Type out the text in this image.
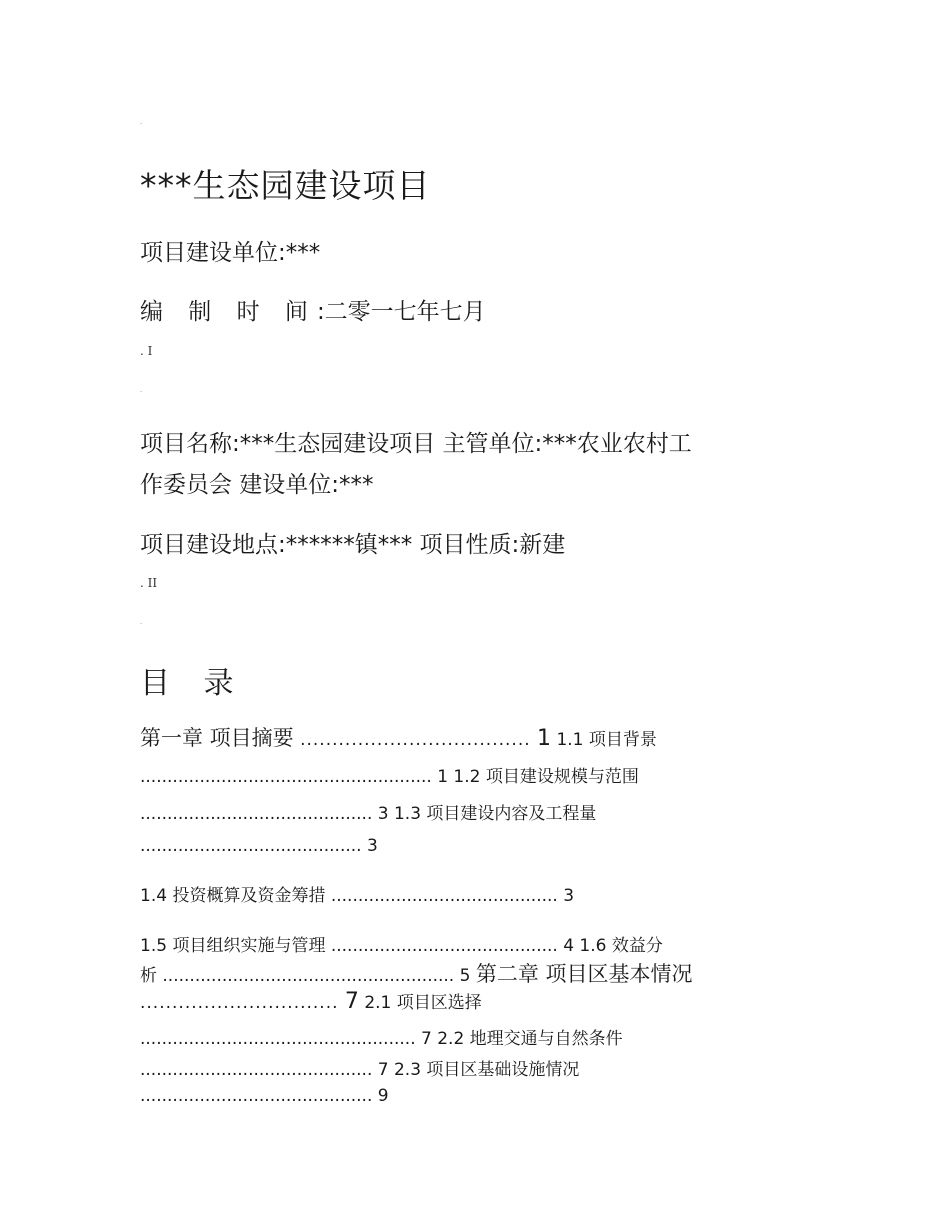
·
***生态园建设项目
项目建设单位:***
编 制 时 间:二零一七年七月
. I
·
项目名称:***生态园建设项目 主管单位:***农业农村工
作委员会 建设单位:***
项目建设地点:******镇*** 项目性质:新建
. II
·
目 录
第一章 项目摘要 .................................... 1 1.1 项目背景
...................................................... 1 1.2 项目建设规模与范围
........................................... 3 1.3 项目建设内容及工程量
......................................... 3
1.4 投资概算及资金筹措 .......................................... 3
1.5 项目组织实施与管理 .......................................... 4 1.6 效益分
析 ...................................................... 5 第二章 项目区基本情况
............................... 7 2.1 项目区选择
................................................... 7 2.2 地理交通与自然条件
........................................... 7 2.3 项目区基础设施情况
........................................... 9
